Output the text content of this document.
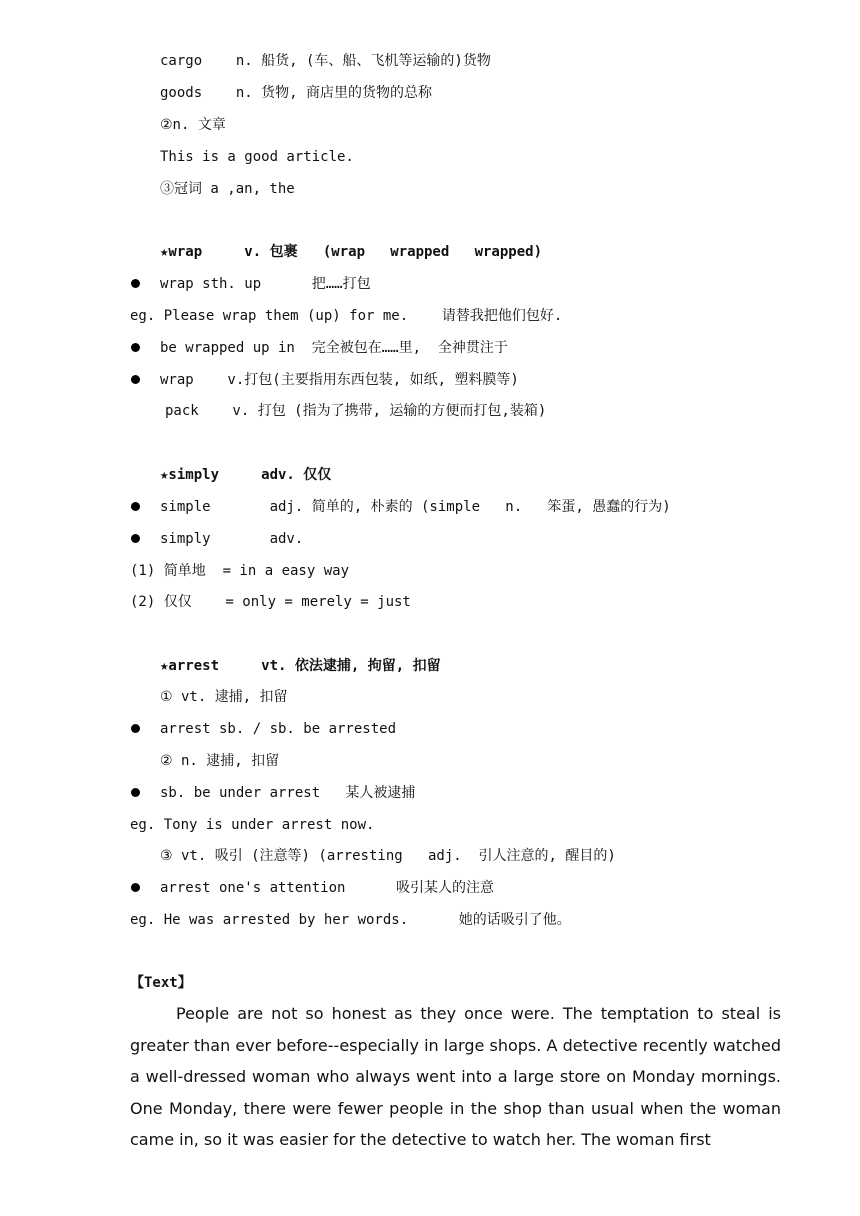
cargo    n. 船货, (车、船、飞机等运输的)货物
goods    n. 货物, 商店里的货物的总称
②n. 文章
This is a good article.
③冠词 a ,an, the
★wrap     v. 包裹   (wrap   wrapped   wrapped)
wrap sth. up      把……打包
eg. Please wrap them (up) for me.    请替我把他们包好.
be wrapped up in  完全被包在……里,  全神贯注于
wrap    v.打包(主要指用东西包装, 如纸, 塑料膜等)
pack    v. 打包 (指为了携带, 运输的方便而打包,装箱)
★simply     adv. 仅仅
simple       adj. 简单的, 朴素的 (simple   n.   笨蛋, 愚蠢的行为)
simply       adv.
(1) 简单地  = in a easy way
(2) 仅仅    = only = merely = just
★arrest     vt. 依法逮捕, 拘留, 扣留
① vt. 逮捕, 扣留
arrest sb. / sb. be arrested
② n. 逮捕, 扣留
sb. be under arrest   某人被逮捕
eg. Tony is under arrest now.
③ vt. 吸引 (注意等) (arresting   adj.  引人注意的, 醒目的)
arrest one's attention      吸引某人的注意
eg. He was arrested by her words.      她的话吸引了他。
【Text】

People are not so honest as they once were. The temptation to steal is greater than ever before--especially in large shops. A detective recently watched a well-dressed woman who always went into a large store on Monday mornings. One Monday, there were fewer people in the shop than usual when the woman came in, so it was easier for the detective to watch her. The woman first
